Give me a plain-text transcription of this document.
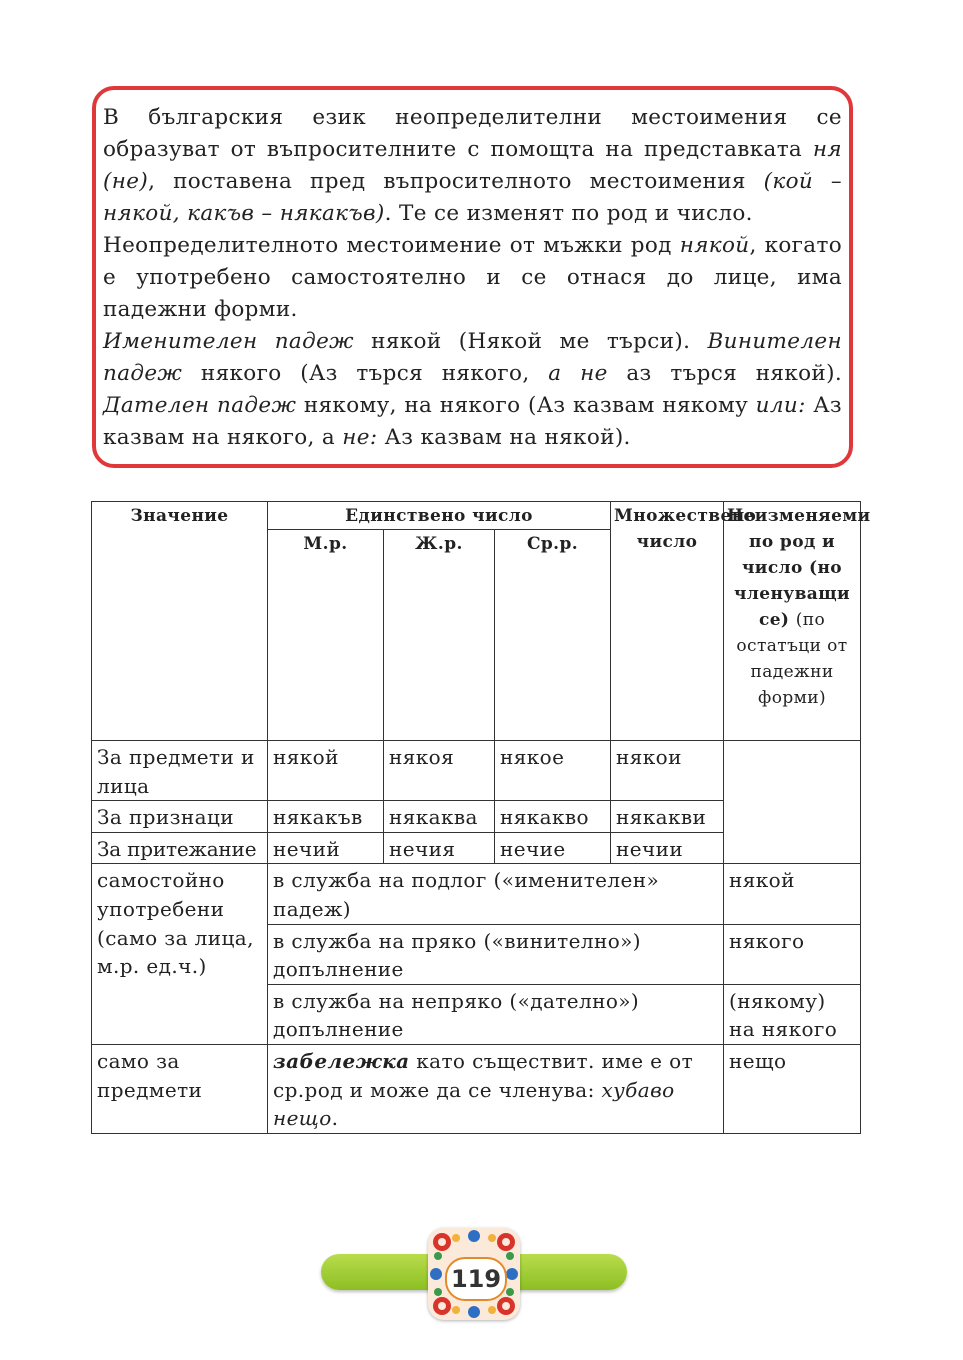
В българския език неопределителни местоимения се образуват от въпросителните с помощта на представката ня (не), поставена пред въпросителното местоимения (кой – някой, какъв – някакъв). Те се изменят по род и число.

Неопределителното местоимение от мъжки род някой, когато е употребено самостоятелно и се отнася до лице, има падежни форми.

Именителен падеж някой (Някой ме търси). Винителен падеж някого (Аз търся някого, а не аз търся някой). Дателен падеж някому, на някого (Аз казвам някому или: Аз казвам на някого, а не: Аз казвам на някой).

Значение	Единствено число			Множествено число	Неизменяеми по род и число (но членуващи се) (по остатъци от падежни форми)
	М.р.	Ж.р.	Ср.р.		
За предмети и лица	някой	някоя	някое	някои	
За признаци	някакъв	някаква	някакво	някакви	
За притежание	нечий	нечия	нечие	нечии	
самостойно употребени (само за лица, м.р. ед.ч.)	в служба на подлог («именителен» падеж)				някой
	в служба на пряко («винително») допълнение				някого
	в служба на непряко («дателно») допълнение				(някому) на някого
само за предмети	забележка като съществит. име е от ср.род и може да се членува: хубаво нещо.				нещо
119
